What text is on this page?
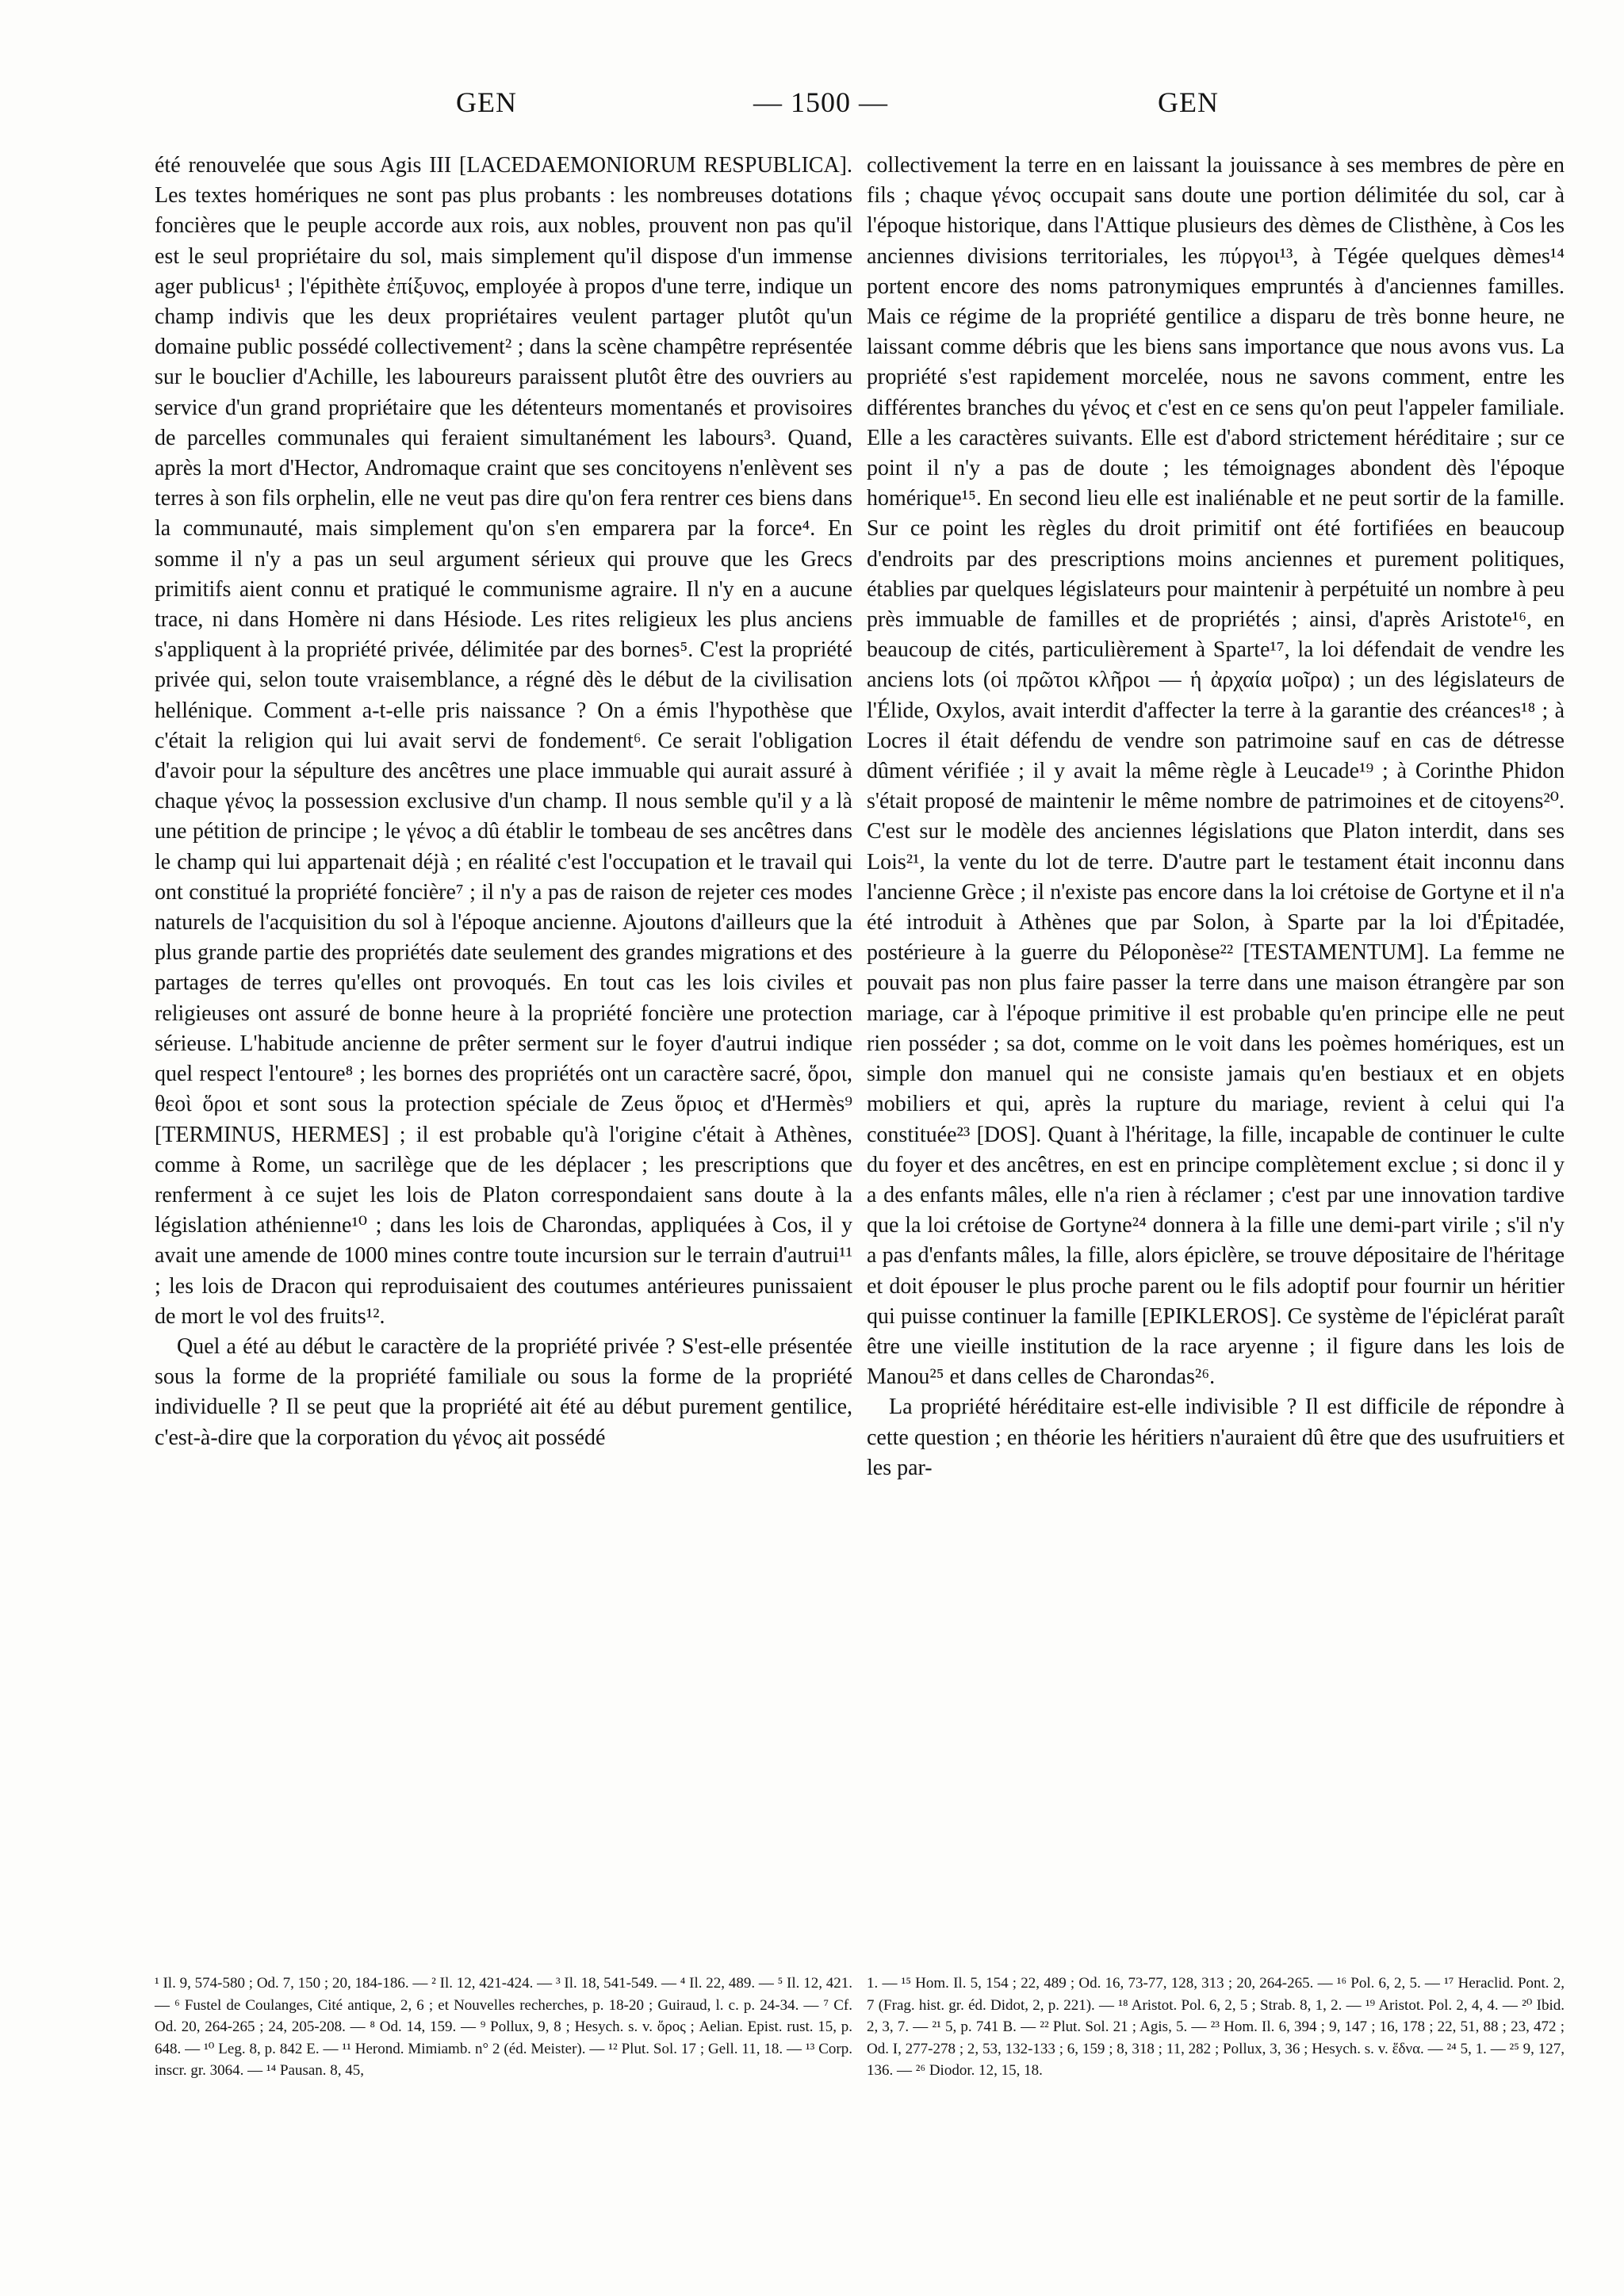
GEN	— 1500 —	GEN

été renouvelée que sous Agis III [LACEDAEMONIORUM RESPUBLICA]. Les textes homériques ne sont pas plus probants : les nombreuses dotations foncières que le peuple accorde aux rois, aux nobles, prouvent non pas qu'il est le seul propriétaire du sol, mais simplement qu'il dispose d'un immense ager publicus¹ ; l'épithète ἐπίξυνος, employée à propos d'une terre, indique un champ indivis que les deux propriétaires veulent partager plutôt qu'un domaine public possédé collectivement² ; dans la scène champêtre représentée sur le bouclier d'Achille, les laboureurs paraissent plutôt être des ouvriers au service d'un grand propriétaire que les détenteurs momentanés et provisoires de parcelles communales qui feraient simultanément les labours³. Quand, après la mort d'Hector, Andromaque craint que ses concitoyens n'enlèvent ses terres à son fils orphelin, elle ne veut pas dire qu'on fera rentrer ces biens dans la communauté, mais simplement qu'on s'en emparera par la force⁴. En somme il n'y a pas un seul argument sérieux qui prouve que les Grecs primitifs aient connu et pratiqué le communisme agraire. Il n'y en a aucune trace, ni dans Homère ni dans Hésiode. Les rites religieux les plus anciens s'appliquent à la propriété privée, délimitée par des bornes⁵. C'est la propriété privée qui, selon toute vraisemblance, a régné dès le début de la civilisation hellénique. Comment a-t-elle pris naissance ? On a émis l'hypothèse que c'était la religion qui lui avait servi de fondement⁶. Ce serait l'obligation d'avoir pour la sépulture des ancêtres une place immuable qui aurait assuré à chaque γένος la possession exclusive d'un champ. Il nous semble qu'il y a là une pétition de principe ; le γένος a dû établir le tombeau de ses ancêtres dans le champ qui lui appartenait déjà ; en réalité c'est l'occupation et le travail qui ont constitué la propriété foncière⁷ ; il n'y a pas de raison de rejeter ces modes naturels de l'acquisition du sol à l'époque ancienne. Ajoutons d'ailleurs que la plus grande partie des propriétés date seulement des grandes migrations et des partages de terres qu'elles ont provoqués. En tout cas les lois civiles et religieuses ont assuré de bonne heure à la propriété foncière une protection sérieuse. L'habitude ancienne de prêter serment sur le foyer d'autrui indique quel respect l'entoure⁸ ; les bornes des propriétés ont un caractère sacré, ὅροι, θεοὶ ὅροι et sont sous la protection spéciale de Zeus ὅριος et d'Hermès⁹ [TERMINUS, HERMES] ; il est probable qu'à l'origine c'était à Athènes, comme à Rome, un sacrilège que de les déplacer ; les prescriptions que renferment à ce sujet les lois de Platon correspondaient sans doute à la législation athénienne¹⁰ ; dans les lois de Charondas, appliquées à Cos, il y avait une amende de 1000 mines contre toute incursion sur le terrain d'autrui¹¹ ; les lois de Dracon qui reproduisaient des coutumes antérieures punissaient de mort le vol des fruits¹².

Quel a été au début le caractère de la propriété privée ? S'est-elle présentée sous la forme de la propriété familiale ou sous la forme de la propriété individuelle ? Il se peut que la propriété ait été au début purement gentilice, c'est-à-dire que la corporation du γένος ait possédé

collectivement la terre en en laissant la jouissance à ses membres de père en fils ; chaque γένος occupait sans doute une portion délimitée du sol, car à l'époque historique, dans l'Attique plusieurs des dèmes de Clisthène, à Cos les anciennes divisions territoriales, les πύργοι¹³, à Tégée quelques dèmes¹⁴ portent encore des noms patronymiques empruntés à d'anciennes familles. Mais ce régime de la propriété gentilice a disparu de très bonne heure, ne laissant comme débris que les biens sans importance que nous avons vus. La propriété s'est rapidement morcelée, nous ne savons comment, entre les différentes branches du γένος et c'est en ce sens qu'on peut l'appeler familiale. Elle a les caractères suivants. Elle est d'abord strictement héréditaire ; sur ce point il n'y a pas de doute ; les témoignages abondent dès l'époque homérique¹⁵. En second lieu elle est inaliénable et ne peut sortir de la famille. Sur ce point les règles du droit primitif ont été fortifiées en beaucoup d'endroits par des prescriptions moins anciennes et purement politiques, établies par quelques législateurs pour maintenir à perpétuité un nombre à peu près immuable de familles et de propriétés ; ainsi, d'après Aristote¹⁶, en beaucoup de cités, particulièrement à Sparte¹⁷, la loi défendait de vendre les anciens lots (οἱ πρῶτοι κλῆροι — ἡ ἀρχαία μοῖρα) ; un des législateurs de l'Élide, Oxylos, avait interdit d'affecter la terre à la garantie des créances¹⁸ ; à Locres il était défendu de vendre son patrimoine sauf en cas de détresse dûment vérifiée ; il y avait la même règle à Leucade¹⁹ ; à Corinthe Phidon s'était proposé de maintenir le même nombre de patrimoines et de citoyens²⁰. C'est sur le modèle des anciennes législations que Platon interdit, dans ses Lois²¹, la vente du lot de terre. D'autre part le testament était inconnu dans l'ancienne Grèce ; il n'existe pas encore dans la loi crétoise de Gortyne et il n'a été introduit à Athènes que par Solon, à Sparte par la loi d'Épitadée, postérieure à la guerre du Péloponèse²² [TESTAMENTUM]. La femme ne pouvait pas non plus faire passer la terre dans une maison étrangère par son mariage, car à l'époque primitive il est probable qu'en principe elle ne peut rien posséder ; sa dot, comme on le voit dans les poèmes homériques, est un simple don manuel qui ne consiste jamais qu'en bestiaux et en objets mobiliers et qui, après la rupture du mariage, revient à celui qui l'a constituée²³ [DOS]. Quant à l'héritage, la fille, incapable de continuer le culte du foyer et des ancêtres, en est en principe complètement exclue ; si donc il y a des enfants mâles, elle n'a rien à réclamer ; c'est par une innovation tardive que la loi crétoise de Gortyne²⁴ donnera à la fille une demi-part virile ; s'il n'y a pas d'enfants mâles, la fille, alors épiclère, se trouve dépositaire de l'héritage et doit épouser le plus proche parent ou le fils adoptif pour fournir un héritier qui puisse continuer la famille [EPIKLEROS]. Ce système de l'épiclérat paraît être une vieille institution de la race aryenne ; il figure dans les lois de Manou²⁵ et dans celles de Charondas²⁶.

La propriété héréditaire est-elle indivisible ? Il est difficile de répondre à cette question ; en théorie les héritiers n'auraient dû être que des usufruitiers et les par-

¹ Il. 9, 574-580 ; Od. 7, 150 ; 20, 184-186. — ² Il. 12, 421-424. — ³ Il. 18, 541-549. — ⁴ Il. 22, 489. — ⁵ Il. 12, 421. — ⁶ Fustel de Coulanges, Cité antique, 2, 6 ; et Nouvelles recherches, p. 18-20 ; Guiraud, l. c. p. 24-34. — ⁷ Cf. Od. 20, 264-265 ; 24, 205-208. — ⁸ Od. 14, 159. — ⁹ Pollux, 9, 8 ; Hesych. s. v. ὅρος ; Aelian. Epist. rust. 15, p. 648. — ¹⁰ Leg. 8, p. 842 E. — ¹¹ Herond. Mimiamb. n° 2 (éd. Meister). — ¹² Plut. Sol. 17 ; Gell. 11, 18. — ¹³ Corp. inscr. gr. 3064. — ¹⁴ Pausan. 8, 45,
1. — ¹⁵ Hom. Il. 5, 154 ; 22, 489 ; Od. 16, 73-77, 128, 313 ; 20, 264-265. — ¹⁶ Pol. 6, 2, 5. — ¹⁷ Heraclid. Pont. 2, 7 (Frag. hist. gr. éd. Didot, 2, p. 221). — ¹⁸ Aristot. Pol. 6, 2, 5 ; Strab. 8, 1, 2. — ¹⁹ Aristot. Pol. 2, 4, 4. — ²⁰ Ibid. 2, 3, 7. — ²¹ 5, p. 741 B. — ²² Plut. Sol. 21 ; Agis, 5. — ²³ Hom. Il. 6, 394 ; 9, 147 ; 16, 178 ; 22, 51, 88 ; 23, 472 ; Od. I, 277-278 ; 2, 53, 132-133 ; 6, 159 ; 8, 318 ; 11, 282 ; Pollux, 3, 36 ; Hesych. s. v. ἕδνα. — ²⁴ 5, 1. — ²⁵ 9, 127, 136. — ²⁶ Diodor. 12, 15, 18.
